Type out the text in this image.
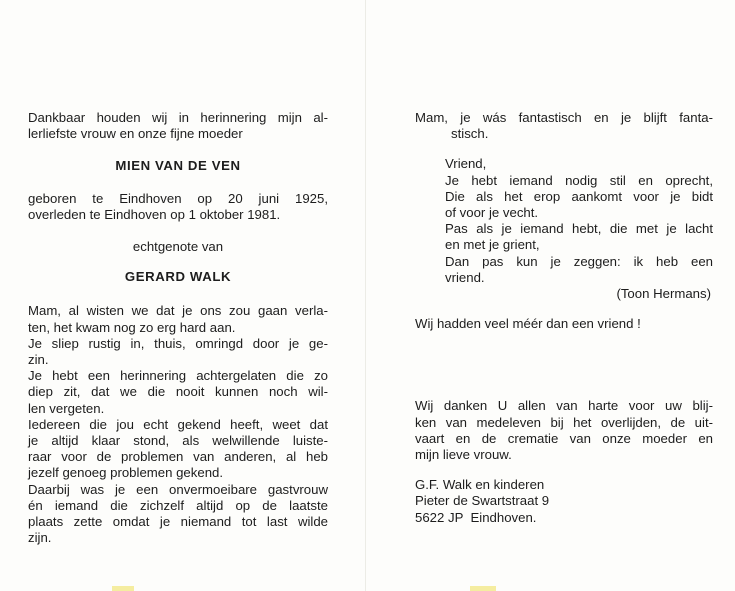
Dankbaar houden wij in herinnering mijn al-
lerliefste vrouw en onze fijne moeder
MIEN VAN DE VEN
geboren te Eindhoven op 20 juni 1925,
overleden te Eindhoven op 1 oktober 1981.
echtgenote van
GERARD WALK
Mam, al wisten we dat je ons zou gaan verla-
ten, het kwam nog zo erg hard aan.
Je sliep rustig in, thuis, omringd door je ge-
zin.
Je hebt een herinnering achtergelaten die zo
diep zit, dat we die nooit kunnen noch wil-
len vergeten.
Iedereen die jou echt gekend heeft, weet dat
je altijd klaar stond, als welwillende luiste-
raar voor de problemen van anderen, al heb
jezelf genoeg problemen gekend.
Daarbij was je een onvermoeibare gastvrouw
én iemand die zichzelf altijd op de laatste
plaats zette omdat je niemand tot last wilde
zijn.
Mam, je wás fantastisch en je blijft fanta-
stisch.
Vriend,
Je hebt iemand nodig stil en oprecht,
Die als het erop aankomt voor je bidt
of voor je vecht.
Pas als je iemand hebt, die met je lacht
en met je grient,
Dan pas kun je zeggen: ik heb een
vriend.
(Toon Hermans)
Wij hadden veel méér dan een vriend !
Wij danken U allen van harte voor uw blij-
ken van medeleven bij het overlijden, de uit-
vaart en de crematie van onze moeder en
mijn lieve vrouw.
G.F. Walk en kinderen
Pieter de Swartstraat 9
5622 JP  Eindhoven.
